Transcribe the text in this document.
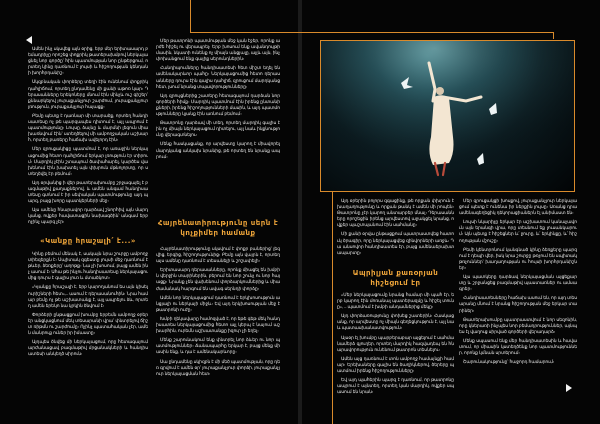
Ամեն ինչ սկսվեց այն օրից, երբ մեր երիտասարդ բեմադրիչը որոշեց փոքրիկ թատերախմբով ներկայացնել նոր գործը՝ հին պատմության նոր ընթերցում, որտեղ կինը դառնում է լույսի և հիշողության կենդանի խորհրդանիշ։

Սկզբնական փորձերը տեղի էին ունենում փոքրիկ դահլիճում, որտեղ ընդամենը մի քանի աթոռ կար։ Դերասանները երեկոները մնում էին մինչև ուշ գիշեր՝ քննարկելով յուրաքանչյուր շարժում, յուրաքանչյուր լռություն, յուրաքանչյուր հայացք։

Բեմը պետք է դառնար մի տարածք, որտեղ հանդիսատեսը ոչ թե պարզապես դիտում է, այլ ապրում է պատմությունը։ Լույսը, ձայնը և մարմնի լեզուն միախառնվում էին՝ ստեղծելով մի ամբողջական աշխարհ, որտեղ բառերը հաճախ ավելորդ էին։

Մեր զրուցակիցը պատմում է, որ առաջին ներկայացումից հետո դահլիճում երկար լռություն էր տիրում։ Մարդիկ չէին շտապում ծափահարել, կարծես վախենում էին խախտել այն փխրուն մթնոլորտը, որ ստեղծվել էր բեմում։

Այդ օրվանից ի վեր թատերախումբը շրջագայել է բազմաթիվ քաղաքներով, և ամեն անգամ հանդիսատեսը գտնում է իր սեփական պատմությունը այդ պարզ, բայց խորը պատկերների մեջ։

Այս ամենը հնարավոր դարձավ շնորհիվ այն մարդկանց, ովքեր հավատացին նախագծին՝ անգամ երբ ոչինչ պարզ չէր։

«Կանքը հրաշալի՛ է...»

Կինը բեմում մենակ է, սակայն նրա շուրջը ամբողջ տիեզերքն է։ Սպիտակ զգեստը լույսի մեջ դառնում է թևեր, ձեռքերը՝ աղոթք։ Նա չի խոսում, բայց ամեն ինչ ասում է։ Ահա թե ինչու հանդիսատեսը ներկայացումից դուրս է գալիս լուռ և մտածկոտ։

«Կյանքը հրաշալի է, երբ կարողանում ես այն կիսել ուրիշների հետ»,– ասում է դերասանուհին։ Նրա համար բեմը ոչ թե աշխատանք է, այլ ապրելու ձև, որտեղ ամեն երեկո նա կրկին ծնվում է։

Փորձերի ընթացքում խումբը երբեմն ամբողջ օրեր էր անցկացնում մեկ տեսարանի վրա՝ փնտրելով ճիշտ ռիթմն ու շարժումը։ Ոչինչ պատահական չէր, ամեն մանրուք ուներ իր իմաստը։

Այդպես ծնվեց մի ներկայացում, որը հետագայում արժանացավ բազմաթիվ մրցանակների և հանդիսատեսի անկեղծ սիրուն։

Մեր թատրոնի պատմության մեջ կան էջեր, որոնք արժե հիշել ու վերապրել։ Երբ խոսում ենք ավանդույթի մասին, նկատի ունենք ոչ միայն անցյալը, այլև այն, ինչ փոխանցում ենք գալիք սերունդներին։

Հանդիպումները հանդիսատեսի հետ միշտ եղել են ամենակարևոր պահը։ Ներկայացումից հետո դերասանները դուրս էին գալիս դահլիճ, զրուցում մարդկանց հետ, լսում նրանց տպավորությունները։

Այդ զրույցներից շատերը հետագայում դարձան նոր գործերի հիմք։ Մարդիկ պատմում էին իրենց ընտանիքների, իրենց հիշողությունների մասին, և այդ պատմությունները կյանք էին առնում բեմում։

Թատրոնը դարձավ մի տեղ, որտեղ մարդիկ գալիս էին ոչ միայն ներկայացում դիտելու, այլ նաև ինքնությունը վերագտնելու։

Մենք հասկացանք, որ արվեստը կարող է միավորել մարդկանց անկախ նրանից, թե որտեղ են նրանք ապրում։

Հայրենատիրությունը սերն է կոչքիմեր համանք

Հայրենատիրությունը սկսվում է փոքր բաներից՝ լեզվից, երգից, հիշողությունից։ Բեմը այն վայրն է, որտեղ այս ամենը դառնում է տեսանելի և շոշափելի։

Երիտասարդ դերասանները, որոնք միացել են խմբին վերջին տարիներին, բերում են նոր շունչ ու նոր հայացք։ Նրանք չեն վախենում փորձարկումներից և միաժամանակ հարգում են ավագ սերնդի փորձը։

Ամեն նոր ներկայացում դառնում է երկխոսություն անցյալի ու ներկայի միջև։ Եվ այդ երկխոսության մեջ է թատրոնի ուժը։

Խմբի ղեկավարը համոզված է, որ եթե գեթ մեկ հանդիսատես ներկայացումից հետո այլ կերպ է նայում աշխարհին, ուրեմն աշխատանքը իզուր չի եղել։

Մենք շարունակում ենք փնտրել նոր ձևեր ու նոր պատմություններ։ Ճանապարհը երկար է, բայց մենք միասին ենք, և դա է ամենակարևորը։

Սա ընդամենը սկիզբն է մի մեծ պատմության, որը դեռ գրվում է ամեն օր՝ յուրաքանչյուր փորձի, յուրաքանչյուր ներկայացման հետ։

Այդ օրերին բոլորս զգացինք, թե որքան փխրուն է խաղաղությունը և որքան թանկ է ամեն մի րոպեն։ Թատրոնը չէր կարող անտարբեր մնալ։ Դերասանները որոշեցին իրենց արվեստով աջակցել նրանց, ովքեր պաշտպանում էին սահմանը։

Մի քանի օրվա ընթացքում պատրաստվեց հատուկ ծրագիր, որը ներկայացվեց զինվորների առջև։ Դա անսովոր հանդիսատես էր, բայց ամենաերախտապարտը։

Ապրիլյան քառօրյան հիշեցում էր

«Մեր ներկայացումը նրանց համար մի պահ էր, երբ կարող էին մոռանալ պատերազմը և հիշել տունը», – պատմում է խմբի անդամներից մեկը։

Այդ փորձառությունը փոխեց շատերին։ Հասկացանք, որ արվեստը ոչ միայն գեղեցկություն է, այլ նաև պատասխանատվություն։

Այսօր էլ խումբը պարբերաբար այցելում է սահմանամերձ գյուղեր, որտեղ մարդիկ հազվադեպ են հնարավորություն ունենում թատրոն տեսնելու։

Ամեն այց դառնում է տոն ամբողջ համայնքի համար։ Երեխաները գալիս են ծաղիկներով, ծերերը պատմում իրենց հիշողությունները։

Եվ այդ պահերին պարզ է դառնում, որ թատրոնը ապրում է այնտեղ, որտեղ կան մարդիկ, ովքեր սպասում են նրան։

Մեր զրուցակցի խոսքով, յուրաքանչյուր ներկայացում պետք է ունենա իր ներքին լույսը։ Առանց դրա ամենագեղեցիկ դեկորացիաներն էլ անիմաստ են։

Լույսի նկարիչը երկար էր աշխատում կանաչավուն այն երանգի վրա, որը տեսնում եք լուսանկարում։ Այն պետք է հիշեցներ և՛ ջուրը, և՛ երկինքը, և՛ հիշողության մշուշը։

Բեմի կենտրոնում կանգնած կինը ձեռքերը պարզում է դեպի վեր, իսկ նրա շուրջը թռչում են սպիտակ թռչուններ՝ խաղաղության ու հույսի խորհրդանիշներ։

Այս պատկերը դարձավ ներկայացման այցեքարտը և շրջանցեց բազմաթիվ պաստառներ ու ամսագրեր։

Հանդիսատեսները հաճախ ասում են, որ այդ տեսարանը մնում է նրանց հիշողության մեջ երկար տարիներ։

Թատերախումբը պատրաստվում է նոր սեզոնին, որը կներառի ինչպես նոր բեմադրություններ, այնպես էլ վաղուց սիրված գործերի վերադարձ։

Մենք սպասում ենք մեր հանդիսատեսին և հավատում, որ միասին կստեղծենք նոր պատմություններ, որոնք կմնան սրտերում։

Շարունակությունը՝ հաջորդ համարում։
